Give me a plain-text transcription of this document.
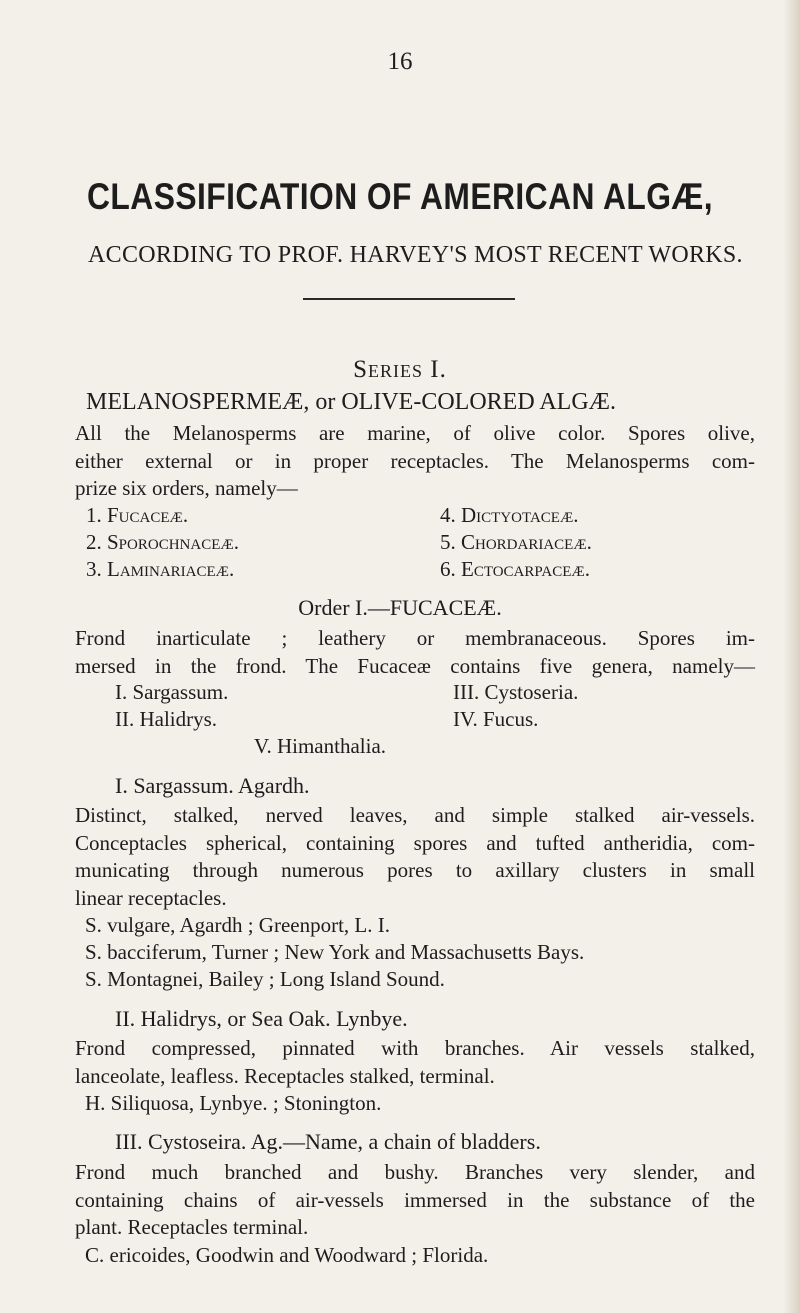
16
CLASSIFICATION OF AMERICAN ALGÆ,
ACCORDING TO PROF. HARVEY'S MOST RECENT WORKS.
Series I.
MELANOSPERMEÆ, or OLIVE-COLORED ALGÆ.
All the Melanosperms are marine, of olive color. Spores olive,
either external or in proper receptacles. The Melanosperms com-
prize six orders, namely—
1. Fucaceæ.
2. Sporochnaceæ.
3. Laminariaceæ.
4. Dictyotaceæ.
5. Chordariaceæ.
6. Ectocarpaceæ.
Order I.—FUCACEÆ.
Frond inarticulate ; leathery or membranaceous. Spores im-
mersed in the frond. The Fucaceæ contains five genera, namely—
I. Sargassum.
II. Halidrys.
III. Cystoseria.
IV. Fucus.
V. Himanthalia.
I. Sargassum. Agardh.
Distinct, stalked, nerved leaves, and simple stalked air-vessels.
Conceptacles spherical, containing spores and tufted antheridia, com-
municating through numerous pores to axillary clusters in small
linear receptacles.
S. vulgare, Agardh ; Greenport, L. I.
S. bacciferum, Turner ; New York and Massachusetts Bays.
S. Montagnei, Bailey ; Long Island Sound.
II. Halidrys, or Sea Oak. Lynbye.
Frond compressed, pinnated with branches. Air vessels stalked,
lanceolate, leafless. Receptacles stalked, terminal.
H. Siliquosa, Lynbye. ; Stonington.
III. Cystoseira. Ag.—Name, a chain of bladders.
Frond much branched and bushy. Branches very slender, and
containing chains of air-vessels immersed in the substance of the
plant. Receptacles terminal.
C. ericoides, Goodwin and Woodward ; Florida.
